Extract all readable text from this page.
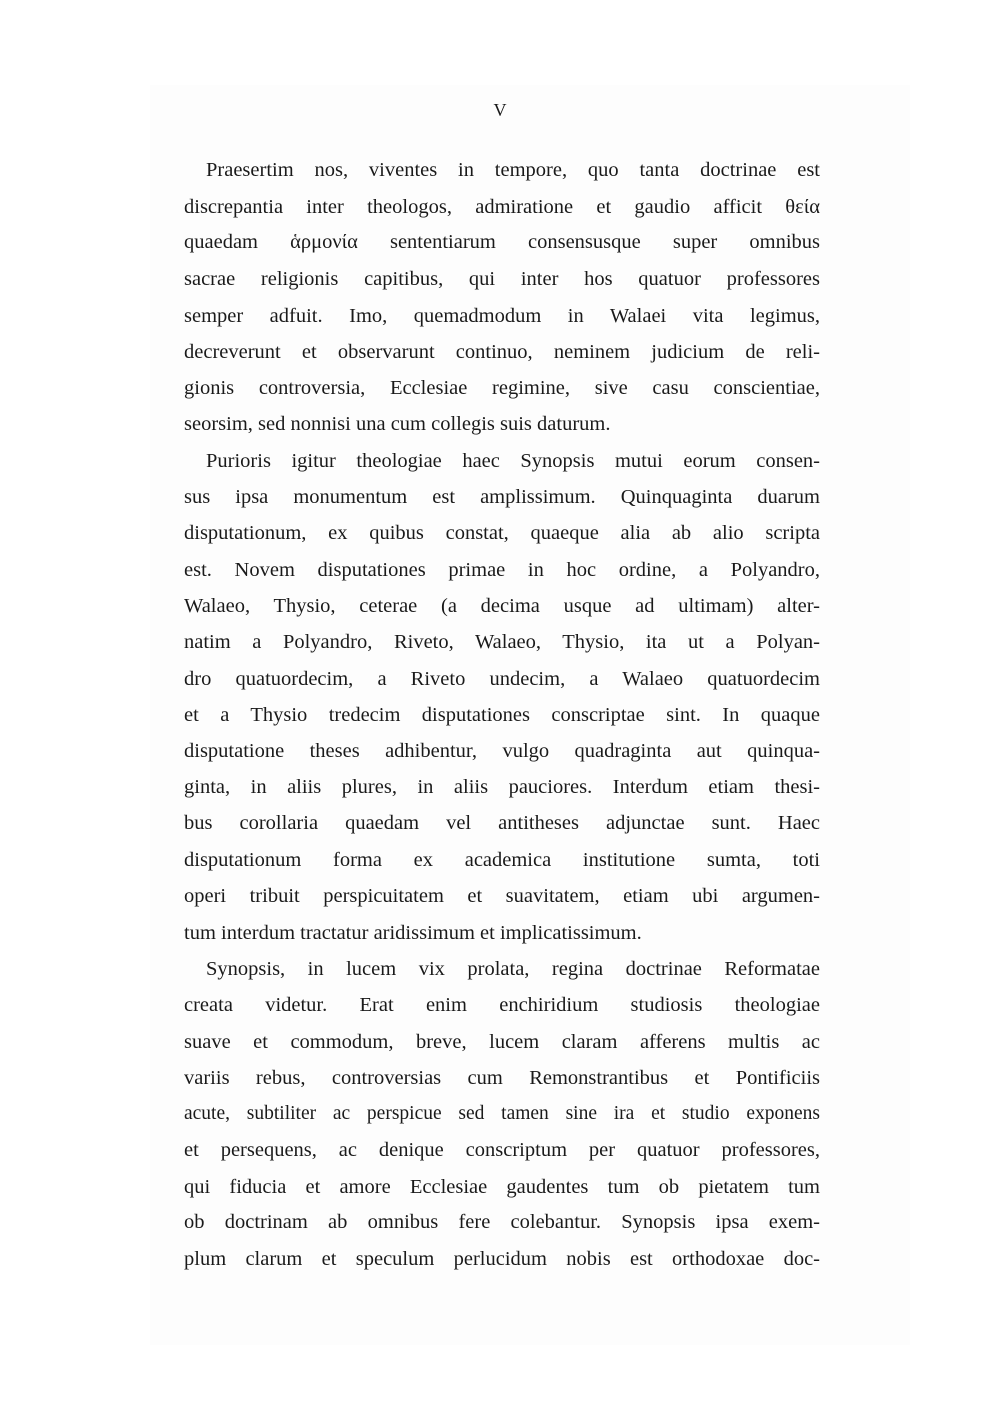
V
Praesertim nos, viventes in tempore, quo tanta doctrinae est
discrepantia inter theologos, admiratione et gaudio afficit θεία
quaedam ἁρμονία sententiarum consensusque super omnibus
sacrae religionis capitibus, qui inter hos quatuor professores
semper adfuit. Imo, quemadmodum in Walaei vita legimus,
decreverunt et observarunt continuo, neminem judicium de reli-
gionis controversia, Ecclesiae regimine, sive casu conscientiae,
seorsim, sed nonnisi una cum collegis suis daturum.
Purioris igitur theologiae haec Synopsis mutui eorum consen-
sus ipsa monumentum est amplissimum. Quinquaginta duarum
disputationum, ex quibus constat, quaeque alia ab alio scripta
est. Novem disputationes primae in hoc ordine, a Polyandro,
Walaeo, Thysio, ceterae (a decima usque ad ultimam) alter-
natim a Polyandro, Riveto, Walaeo, Thysio, ita ut a Polyan-
dro quatuordecim, a Riveto undecim, a Walaeo quatuordecim
et a Thysio tredecim disputationes conscriptae sint. In quaque
disputatione theses adhibentur, vulgo quadraginta aut quinqua-
ginta, in aliis plures, in aliis pauciores. Interdum etiam thesi-
bus corollaria quaedam vel antitheses adjunctae sunt. Haec
disputationum forma ex academica institutione sumta, toti
operi tribuit perspicuitatem et suavitatem, etiam ubi argumen-
tum interdum tractatur aridissimum et implicatissimum.
Synopsis, in lucem vix prolata, regina doctrinae Reformatae
creata videtur. Erat enim enchiridium studiosis theologiae
suave et commodum, breve, lucem claram afferens multis ac
variis rebus, controversias cum Remonstrantibus et Pontificiis
acute, subtiliter ac perspicue sed tamen sine ira et studio exponens
et persequens, ac denique conscriptum per quatuor professores,
qui fiducia et amore Ecclesiae gaudentes tum ob pietatem tum
ob doctrinam ab omnibus fere colebantur. Synopsis ipsa exem-
plum clarum et speculum perlucidum nobis est orthodoxae doc-
